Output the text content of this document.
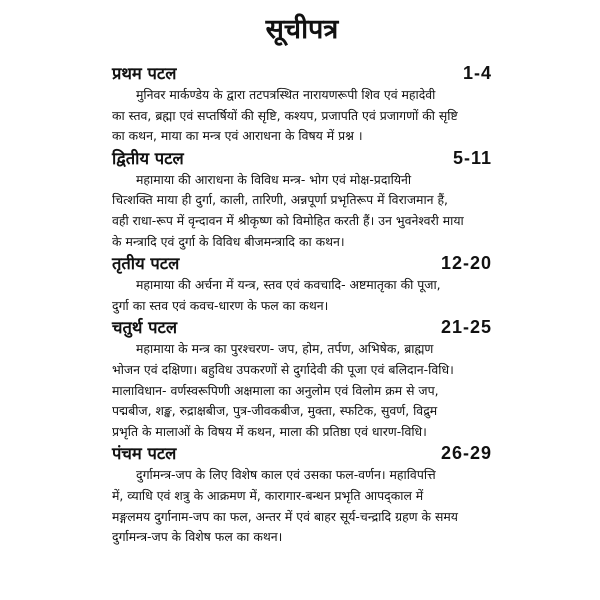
सूचीपत्र
प्रथम पटल	1-4

मुनिवर मार्कण्डेय के द्वारा तटपत्रस्थित नारायणरूपी शिव एवं महादेवी

का स्तव, ब्रह्मा एवं सप्तर्षियों की सृष्टि, कश्यप, प्रजापति एवं प्रजागणों की सृष्टि

का कथन, माया का मन्त्र एवं आराधना के विषय में प्रश्न ।

द्वितीय पटल	5-11

महामाया की आराधना के विविध मन्त्र- भोग एवं मोक्ष-प्रदायिनी

चित्शक्ति माया ही दुर्गा, काली, तारिणी, अन्नपूर्णा प्रभृतिरूप में विराजमान हैं,

वही राधा-रूप में वृन्दावन में श्रीकृष्ण को विमोहित करती हैं। उन भुवनेश्वरी माया

के मन्त्रादि एवं दुर्गा के विविध बीजमन्त्रादि का कथन।

तृतीय पटल	12-20

महामाया की अर्चना में यन्त्र, स्तव एवं कवचादि- अष्टमातृका की पूजा,

दुर्गा का स्तव एवं कवच-धारण के फल का कथन।

चतुर्थ पटल	21-25

महामाया के मन्त्र का पुरश्चरण- जप, होम, तर्पण, अभिषेक, ब्राह्मण

भोजन एवं दक्षिणा। बहुविध उपकरणों से दुर्गादेवी की पूजा एवं बलिदान-विधि।

मालाविधान- वर्णस्वरूपिणी अक्षमाला का अनुलोम एवं विलोम क्रम से जप,

पद्मबीज, शङ्ख, रुद्राक्षबीज, पुत्र-जीवकबीज, मुक्ता, स्फटिक, सुवर्ण, विद्रुम

प्रभृति के मालाओं के विषय में कथन, माला की प्रतिष्ठा एवं धारण-विधि।

पंचम पटल	26-29

दुर्गामन्त्र-जप के लिए विशेष काल एवं उसका फल-वर्णन। महाविपत्ति

में, व्याधि एवं शत्रु के आक्रमण में, कारागार-बन्धन प्रभृति आपद्काल में

मङ्गलमय दुर्गानाम-जप का फल, अन्तर में एवं बाहर सूर्य-चन्द्रादि ग्रहण के समय

दुर्गामन्त्र-जप के विशेष फल का कथन।
